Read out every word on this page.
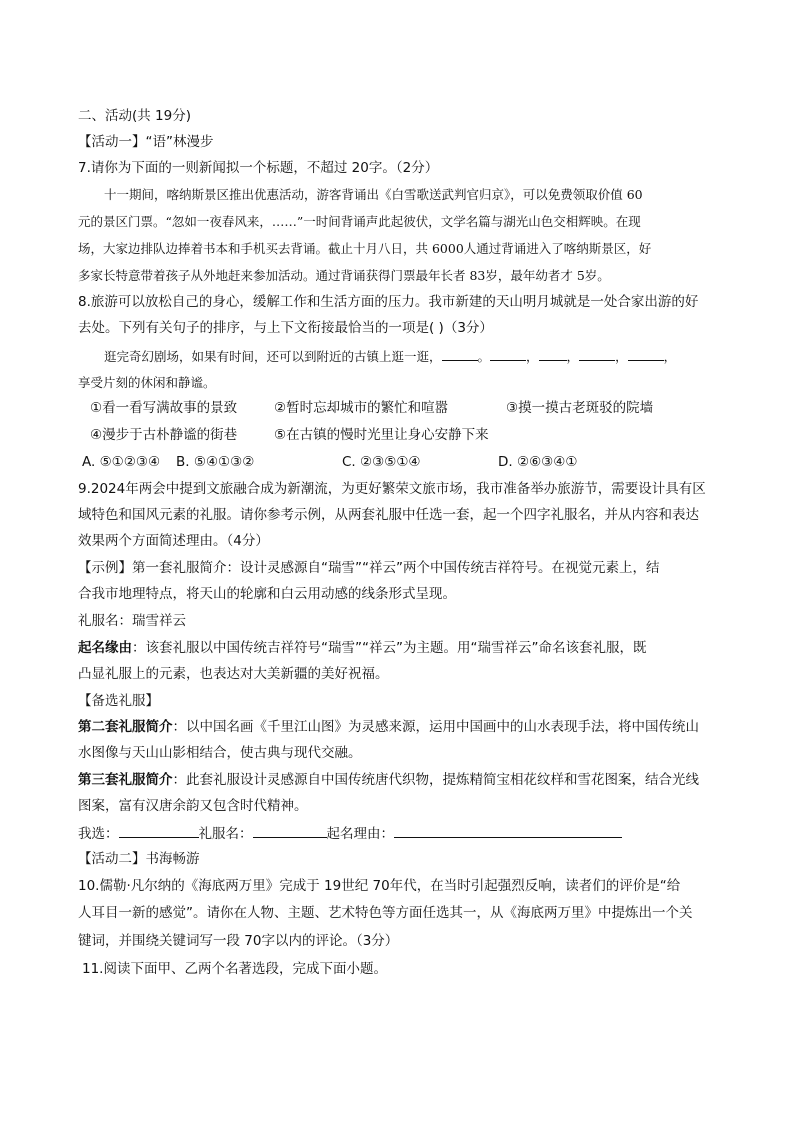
二、活动(共 19分)
【活动一】“语”林漫步
7.请你为下面的一则新闻拟一个标题，不超过 20字。（2分）
十一期间，喀纳斯景区推出优惠活动，游客背诵出《白雪歌送武判官归京》，可以免费领取价值 60
元的景区门票。“忽如一夜春风来，……”一时间背诵声此起彼伏，文学名篇与湖光山色交相辉映。在现
场，大家边排队边捧着书本和手机买去背诵。截止十月八日，共 6000人通过背诵进入了喀纳斯景区，好
多家长特意带着孩子从外地赶来参加活动。通过背诵获得门票最年长者 83岁，最年幼者才 5岁。
8.旅游可以放松自己的身心，缓解工作和生活方面的压力。我市新建的天山明月城就是一处合家出游的好
去处。下列有关句子的排序，与上下文衔接最恰当的一项是( )（3分）
逛完奇幻剧场，如果有时间，还可以到附近的古镇上逛一逛，	。	， ，	，	，
享受片刻的休闲和静谧。
①看一看写满故事的景致	②暂时忘却城市的繁忙和喧嚣	③摸一摸古老斑驳的院墙
④漫步于古朴静谧的街巷	⑤在古镇的慢时光里让身心安静下来
A. ⑤①②③④ B. ⑤④①③②	C. ②③⑤①④	D. ②⑥③④①
9.2024年两会中提到文旅融合成为新潮流，为更好繁荣文旅市场，我市准备举办旅游节，需要设计具有区
域特色和国风元素的礼服。请你参考示例，从两套礼服中任选一套，起一个四字礼服名，并从内容和表达
效果两个方面简述理由。（4分）
【示例】第一套礼服简介：设计灵感源自“瑞雪”“祥云”两个中国传统吉祥符号。在视觉元素上，结
合我市地理特点，将天山的轮廓和白云用动感的线条形式呈现。
礼服名：瑞雪祥云
起名缘由：该套礼服以中国传统吉祥符号“瑞雪”“祥云”为主题。用“瑞雪祥云”命名该套礼服，既
凸显礼服上的元素，也表达对大美新疆的美好祝福。
【备选礼服】
第二套礼服简介：以中国名画《千里江山图》为灵感来源，运用中国画中的山水表现手法，将中国传统山
水图像与天山山影相结合，使古典与现代交融。
第三套礼服简介：此套礼服设计灵感源自中国传统唐代织物，提炼精简宝相花纹样和雪花图案，结合光线
图案，富有汉唐余韵又包含时代精神。
我选：	礼服名：	起名理由：
【活动二】书海畅游
10.儒勒·凡尔纳的《海底两万里》完成于 19世纪 70年代，在当时引起强烈反响，读者们的评价是“给
人耳目一新的感觉”。请你在人物、主题、艺术特色等方面任选其一，从《海底两万里》中提炼出一个关
键词，并围绕关键词写一段 70字以内的评论。（3分）
11.阅读下面甲、乙两个名著选段，完成下面小题。
